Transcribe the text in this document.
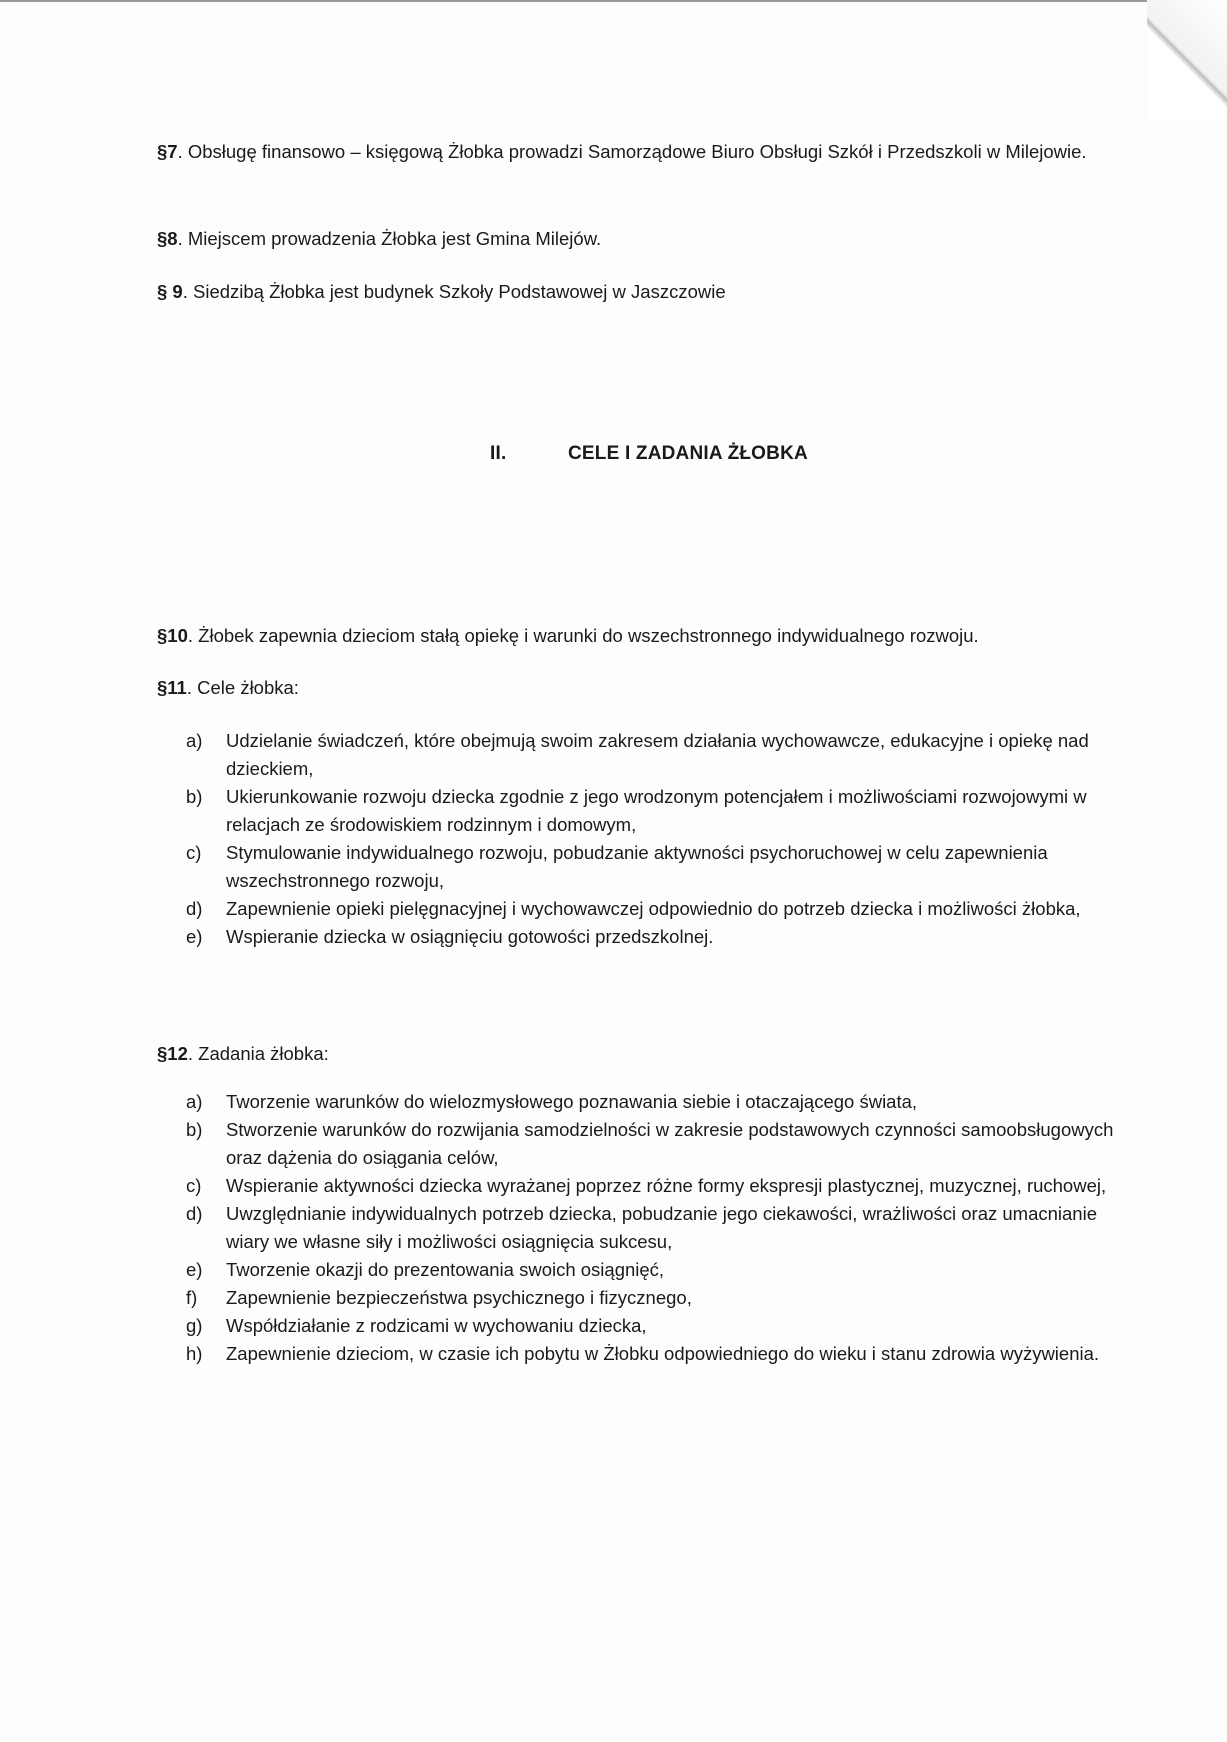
§7. Obsługę finansowo – księgową Żłobka prowadzi Samorządowe Biuro Obsługi Szkół i Przedszkoli w Milejowie.

§8. Miejscem prowadzenia Żłobka jest Gmina Milejów.

§ 9. Siedzibą Żłobka jest budynek Szkoły Podstawowej w Jaszczowie

II.	CELE I ZADANIA ŻŁOBKA

§10. Żłobek zapewnia dzieciom stałą opiekę i warunki do wszechstronnego indywidualnego rozwoju.

§11. Cele żłobka:

a) Udzielanie świadczeń, które obejmują swoim zakresem działania wychowawcze, edukacyjne i opiekę nad dzieckiem,
b) Ukierunkowanie rozwoju dziecka zgodnie z jego wrodzonym potencjałem i możliwościami rozwojowymi w relacjach ze środowiskiem rodzinnym i domowym,
c) Stymulowanie indywidualnego rozwoju, pobudzanie aktywności psychoruchowej w celu zapewnienia wszechstronnego rozwoju,
d) Zapewnienie opieki pielęgnacyjnej i wychowawczej odpowiednio do potrzeb dziecka i możliwości żłobka,
e) Wspieranie dziecka w osiągnięciu gotowości przedszkolnej.

§12. Zadania żłobka:

a) Tworzenie warunków do wielozmysłowego poznawania siebie i otaczającego świata,
b) Stworzenie warunków do rozwijania samodzielności w zakresie podstawowych czynności samoobsługowych oraz dążenia do osiągania celów,
c) Wspieranie aktywności dziecka wyrażanej poprzez różne formy ekspresji plastycznej, muzycznej, ruchowej,
d) Uwzględnianie indywidualnych potrzeb dziecka, pobudzanie jego ciekawości, wrażliwości oraz umacnianie wiary we własne siły i możliwości osiągnięcia sukcesu,
e) Tworzenie okazji do prezentowania swoich osiągnięć,
f) Zapewnienie bezpieczeństwa psychicznego i fizycznego,
g) Współdziałanie z rodzicami w wychowaniu dziecka,
h) Zapewnienie dzieciom, w czasie ich pobytu w Żłobku odpowiedniego do wieku i stanu zdrowia wyżywienia.
